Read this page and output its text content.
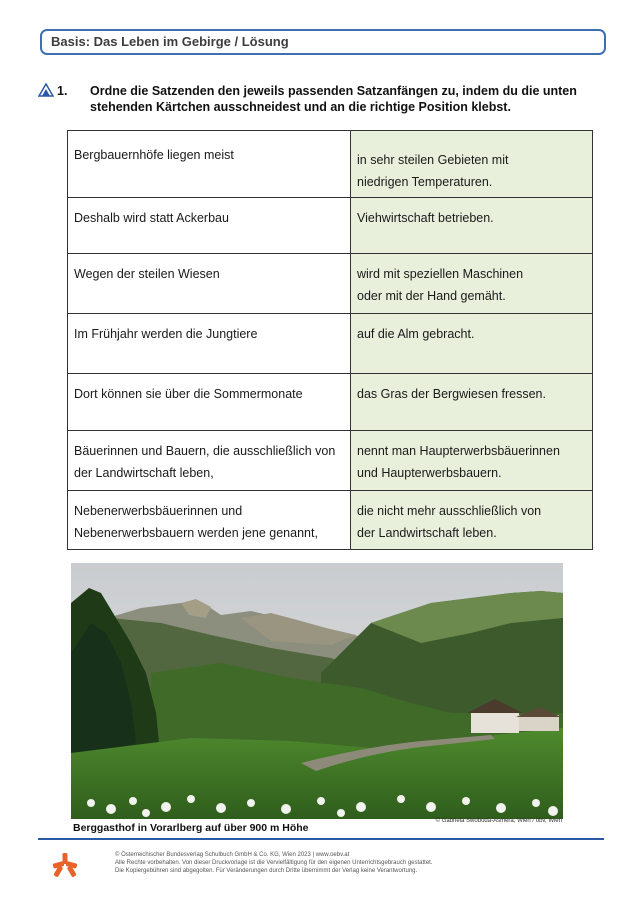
Basis: Das Leben im Gebirge / Lösung
1. Ordne die Satzenden den jeweils passenden Satzanfängen zu, indem du die unten stehenden Kärtchen ausschneidest und an die richtige Position klebst.
Bergbauernhöfe liegen meist	in sehr steilen Gebieten mit
niedrigen Temperaturen.

Deshalb wird statt Ackerbau	Viehwirtschaft betrieben.

Wegen der steilen Wiesen	wird mit speziellen Maschinen
oder mit der Hand gemäht.

Im Frühjahr werden die Jungtiere	auf die Alm gebracht.

Dort können sie über die Sommermonate	das Gras der Bergwiesen fressen.

Bäuerinnen und Bauern, die ausschließlich von
der Landwirtschaft leben,	nennt man Haupterwerbsbäuerinnen
und Haupterwerbsbauern.

Nebenerwerbsbäuerinnen und
Nebenerwerbsbauern werden jene genannt,	die nicht mehr ausschließlich von
der Landwirtschaft leben.
Berggasthof in Vorarlberg auf über 900 m Höhe
© Gabriela Swoboda-Asmera, Wien / öbv, Wien
© Österreichischer Bundesverlag Schulbuch GmbH & Co. KG, Wien 2023 | www.oebv.at
Alle Rechte vorbehalten. Von dieser Druckvorlage ist die Vervielfältigung für den eigenen Unterrichtsgebrauch gestattet.
Die Kopiergebühren sind abgegolten. Für Veränderungen durch Dritte übernimmt der Verlag keine Verantwortung.
